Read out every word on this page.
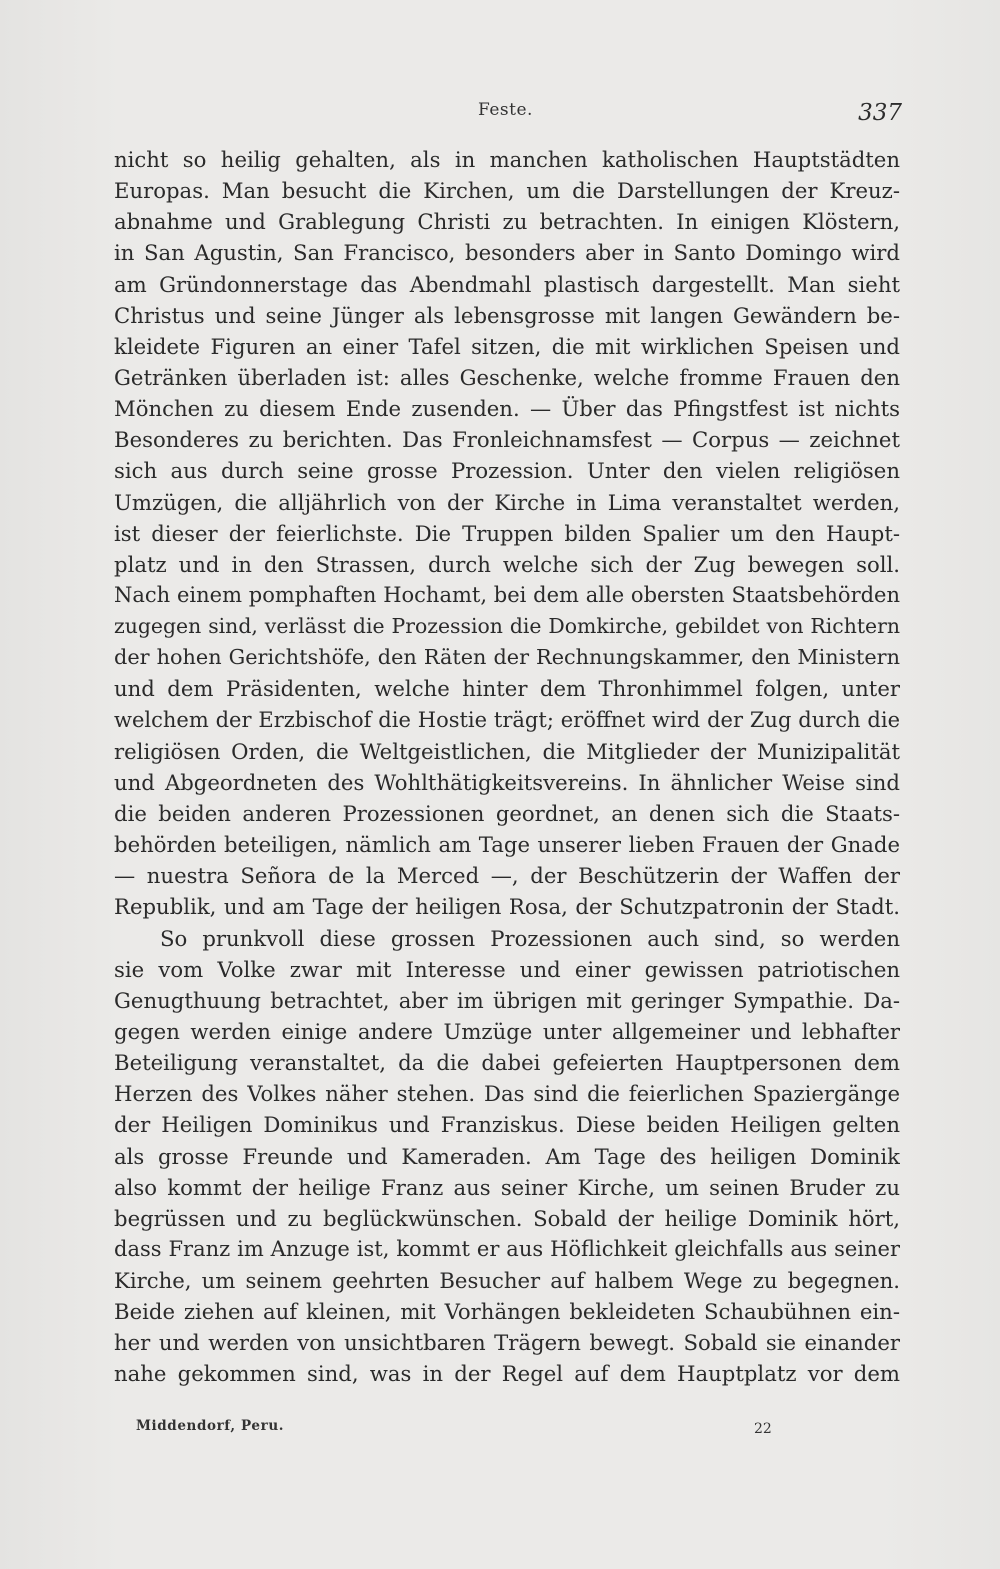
Feste.	337
nicht so heilig gehalten, als in manchen katholischen Hauptstädten
Europas. Man besucht die Kirchen, um die Darstellungen der Kreuz-
abnahme und Grablegung Christi zu betrachten. In einigen Klöstern,
in San Agustin, San Francisco, besonders aber in Santo Domingo wird
am Gründonnerstage das Abendmahl plastisch dargestellt. Man sieht
Christus und seine Jünger als lebensgrosse mit langen Gewändern be-
kleidete Figuren an einer Tafel sitzen, die mit wirklichen Speisen und
Getränken überladen ist: alles Geschenke, welche fromme Frauen den
Mönchen zu diesem Ende zusenden. — Über das Pfingstfest ist nichts
Besonderes zu berichten. Das Fronleichnamsfest — Corpus — zeichnet
sich aus durch seine grosse Prozession. Unter den vielen religiösen
Umzügen, die alljährlich von der Kirche in Lima veranstaltet werden,
ist dieser der feierlichste. Die Truppen bilden Spalier um den Haupt-
platz und in den Strassen, durch welche sich der Zug bewegen soll.
Nach einem pomphaften Hochamt, bei dem alle obersten Staatsbehörden
zugegen sind, verlässt die Prozession die Domkirche, gebildet von Richtern
der hohen Gerichtshöfe, den Räten der Rechnungskammer, den Ministern
und dem Präsidenten, welche hinter dem Thronhimmel folgen, unter
welchem der Erzbischof die Hostie trägt; eröffnet wird der Zug durch die
religiösen Orden, die Weltgeistlichen, die Mitglieder der Munizipalität
und Abgeordneten des Wohlthätigkeitsvereins. In ähnlicher Weise sind
die beiden anderen Prozessionen geordnet, an denen sich die Staats-
behörden beteiligen, nämlich am Tage unserer lieben Frauen der Gnade
— nuestra Señora de la Merced —, der Beschützerin der Waffen der
Republik, und am Tage der heiligen Rosa, der Schutzpatronin der Stadt.
So prunkvoll diese grossen Prozessionen auch sind, so werden
sie vom Volke zwar mit Interesse und einer gewissen patriotischen
Genugthuung betrachtet, aber im übrigen mit geringer Sympathie. Da-
gegen werden einige andere Umzüge unter allgemeiner und lebhafter
Beteiligung veranstaltet, da die dabei gefeierten Hauptpersonen dem
Herzen des Volkes näher stehen. Das sind die feierlichen Spaziergänge
der Heiligen Dominikus und Franziskus. Diese beiden Heiligen gelten
als grosse Freunde und Kameraden. Am Tage des heiligen Dominik
also kommt der heilige Franz aus seiner Kirche, um seinen Bruder zu
begrüssen und zu beglückwünschen. Sobald der heilige Dominik hört,
dass Franz im Anzuge ist, kommt er aus Höflichkeit gleichfalls aus seiner
Kirche, um seinem geehrten Besucher auf halbem Wege zu begegnen.
Beide ziehen auf kleinen, mit Vorhängen bekleideten Schaubühnen ein-
her und werden von unsichtbaren Trägern bewegt. Sobald sie einander
nahe gekommen sind, was in der Regel auf dem Hauptplatz vor dem
Middendorf, Peru.	22
